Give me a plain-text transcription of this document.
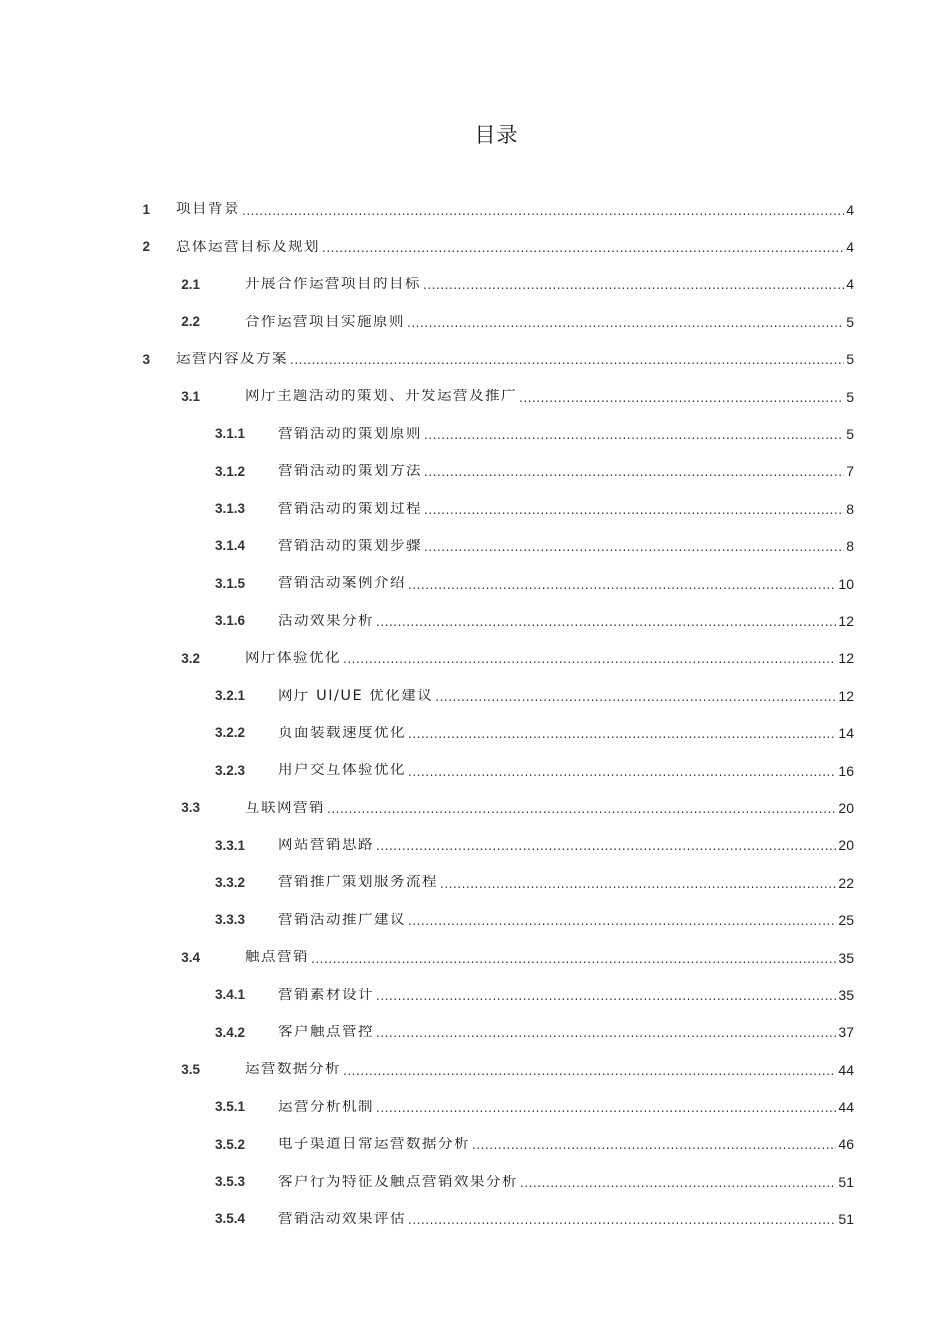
目录
1 项目背景 .....	4
2 总体运营目标及规划 .....	4
2.1	开展合作运营项目的目标 .....	4
2.2	合作运营项目实施原则 .....	5
3 运营内容及方案 .....	5
3.1	网厅主题活动的策划、开发运营及推广 .....	5
3.1.1 营销活动的策划原则 .....	5
3.1.2 营销活动的策划方法 .....	7
3.1.3 营销活动的策划过程 .....	8
3.1.4 营销活动的策划步骤 .....	8
3.1.5 营销活动案例介绍 .....	10
3.1.6 活动效果分析 .....	12
3.2	网厅体验优化 .....	12
3.2.1 网厅 UI/UE 优化建议 .....	12
3.2.2 页面装载速度优化 .....	14
3.2.3 用户交互体验优化 .....	16
3.3	互联网营销 .....	20
3.3.1 网站营销思路 .....	20
3.3.2 营销推广策划服务流程 .....	22
3.3.3 营销活动推广建议 .....	25
3.4	触点营销 .....	35
3.4.1 营销素材设计 .....	35
3.4.2 客户触点管控 .....	37
3.5	运营数据分析 .....	44
3.5.1 运营分析机制 .....	44
3.5.2 电子渠道日常运营数据分析 .....	46
3.5.3 客户行为特征及触点营销效果分析 .....	51
3.5.4 营销活动效果评估 .....	51
